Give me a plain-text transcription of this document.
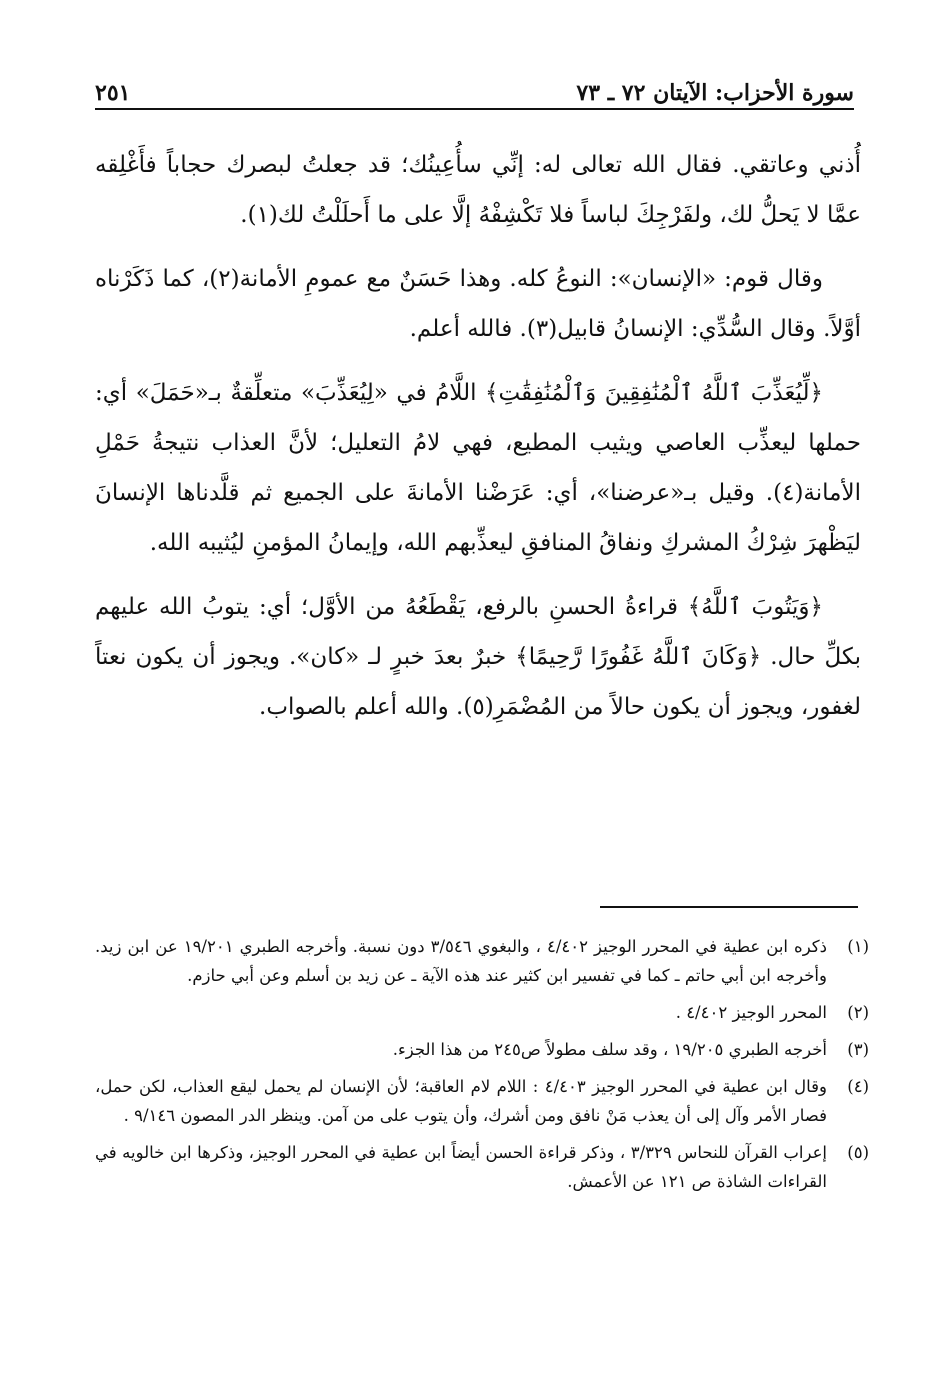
سورة الأحزاب: الآيتان ٧٢ ـ ٧٣
٢٥١

أُذني وعاتقي. فقال الله تعالى له: إنِّي سأُعِينُك؛ قد جعلتُ لبصرك حجاباً فأَغْلِقه عمَّا لا يَحلُّ لك، ولفَرْجِكَ لباساً فلا تَكْشِفْهُ إلَّا على ما أَحلَلْتُ لك(١).

وقال قوم: «الإنسان»: النوعُ كله. وهذا حَسَنٌ مع عمومِ الأمانة(٢)، كما ذَكَرْناه أوَّلاً. وقال السُّدِّي: الإنسانُ قابيل(٣). فالله أعلم.

﴿لِّيُعَذِّبَ ٱللَّهُ ٱلْمُنَٰفِقِينَ وَٱلْمُنَٰفِقَٰتِ﴾ اللَّامُ في «لِيُعَذِّبَ» متعلِّقةٌ بـ«حَمَلَ» أي: حملها ليعذِّب العاصي ويثيب المطيع، فهي لامُ التعليل؛ لأنَّ العذاب نتيجةُ حَمْلِ الأمانة(٤). وقيل بـ«عرضنا»، أي: عَرَضْنا الأمانةَ على الجميع ثم قلَّدناها الإنسانَ ليَظْهرَ شِرْكُ المشركِ ونفاقُ المنافقِ ليعذِّبهم الله، وإيمانُ المؤمنِ ليُثيبه الله.

﴿وَيَتُوبَ ٱللَّهُ﴾ قراءةُ الحسنِ بالرفع، يَقْطَعُهُ من الأوَّل؛ أي: يتوبُ الله عليهم بكلِّ حال. ﴿وَكَانَ ٱللَّهُ غَفُورًا رَّحِيمًا﴾ خبرٌ بعدَ خبرٍ لـ «كان». ويجوز أن يكون نعتاً لغفور، ويجوز أن يكون حالاً من المُضْمَرِ(٥). والله أعلم بالصواب.

(١)
ذكره ابن عطية في المحرر الوجيز ٤/٤٠٢ ، والبغوي ٣/٥٤٦ دون نسبة. وأخرجه الطبري ١٩/٢٠١ عن ابن زيد. وأخرجه ابن أبي حاتم ـ كما في تفسير ابن كثير عند هذه الآية ـ عن زيد بن أسلم وعن أبي حازم.
(٢)
المحرر الوجيز ٤/٤٠٢ .
(٣)
أخرجه الطبري ١٩/٢٠٥ ، وقد سلف مطولاً ص٢٤٥ من هذا الجزء.
(٤)
وقال ابن عطية في المحرر الوجيز ٤/٤٠٣ : اللام لام العاقبة؛ لأن الإنسان لم يحمل ليقع العذاب، لكن حمل، فصار الأمر وآل إلى أن يعذب مَنْ نافق ومن أشرك، وأن يتوب على من آمن. وينظر الدر المصون ٩/١٤٦ .
(٥)
إعراب القرآن للنحاس ٣/٣٢٩ ، وذكر قراءة الحسن أيضاً ابن عطية في المحرر الوجيز، وذكرها ابن خالويه في القراءات الشاذة ص ١٢١ عن الأعمش.
